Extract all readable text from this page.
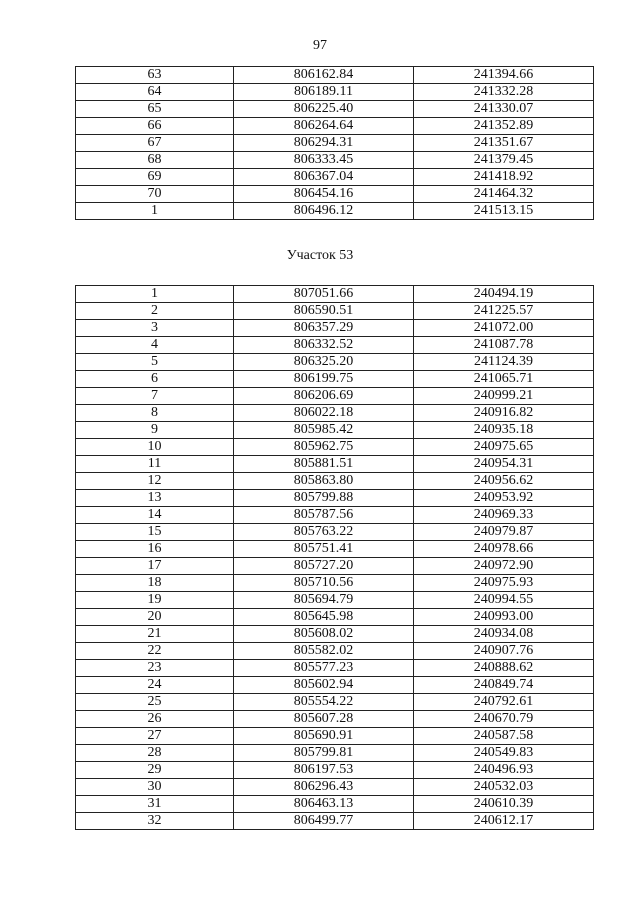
97
63	806162.84	241394.66
64	806189.11	241332.28
65	806225.40	241330.07
66	806264.64	241352.89
67	806294.31	241351.67
68	806333.45	241379.45
69	806367.04	241418.92
70	806454.16	241464.32
1	806496.12	241513.15
Участок 53
1	807051.66	240494.19
2	806590.51	241225.57
3	806357.29	241072.00
4	806332.52	241087.78
5	806325.20	241124.39
6	806199.75	241065.71
7	806206.69	240999.21
8	806022.18	240916.82
9	805985.42	240935.18
10	805962.75	240975.65
11	805881.51	240954.31
12	805863.80	240956.62
13	805799.88	240953.92
14	805787.56	240969.33
15	805763.22	240979.87
16	805751.41	240978.66
17	805727.20	240972.90
18	805710.56	240975.93
19	805694.79	240994.55
20	805645.98	240993.00
21	805608.02	240934.08
22	805582.02	240907.76
23	805577.23	240888.62
24	805602.94	240849.74
25	805554.22	240792.61
26	805607.28	240670.79
27	805690.91	240587.58
28	805799.81	240549.83
29	806197.53	240496.93
30	806296.43	240532.03
31	806463.13	240610.39
32	806499.77	240612.17
